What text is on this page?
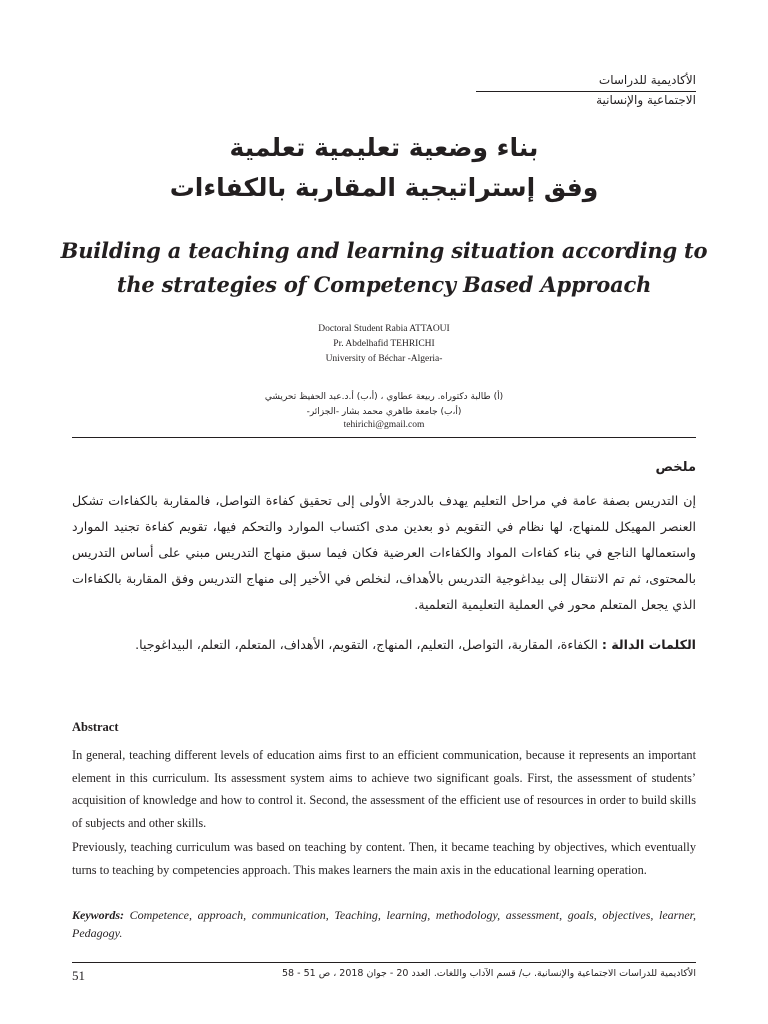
الأكاديمية للدراسات
الاجتماعية والإنسانية
بناء وضعية تعليمية تعلمية
وفق إستراتيجية المقاربة بالكفاءات
Building a teaching and learning situation according to
the strategies of Competency Based Approach
Doctoral Student Rabia ATTAOUI
Pr. Abdelhafid TEHRICHI
University of Béchar -Algeria-
(أ) طالبة دكتوراه. ربيعة عطاوي ، (أ،ب) أ.د.عبد الحفيظ تحريشي
(أ،ب) جامعة طاهري محمد بشار -الجزائر-
tehirichi@gmail.com
ملخص
إن التدريس بصفة عامة في مراحل التعليم يهدف بالدرجة الأولى إلى تحقيق كفاءة التواصل، فالمقاربة بالكفاءات تشكل العنصر المهيكل للمنهاج، لها نظام في التقويم ذو بعدين مدى اكتساب الموارد والتحكم فيها، تقويم كفاءة تجنيد الموارد واستعمالها الناجع في بناء كفاءات المواد والكفاءات العرضية فكان فيما سبق منهاج التدريس مبني على أساس التدريس بالمحتوى، ثم تم الانتقال إلى بيداغوجية التدريس بالأهداف، لنخلص في الأخير إلى منهاج التدريس وفق المقاربة بالكفاءات الذي يجعل المتعلم محور في العملية التعليمية التعلمية.
الكلمات الدالة : الكفاءة، المقاربة، التواصل، التعليم، المنهاج، التقويم، الأهداف، المتعلم، التعلم، البيداغوجيا.
Abstract
In general, teaching different levels of education aims first to an efficient communication, because it represents an important element in this curriculum. Its assessment system aims to achieve two significant goals. First, the assessment of students’ acquisition of knowledge and how to control it. Second, the assessment of the efficient use of resources in order to build skills of subjects and other skills.
Previously, teaching curriculum was based on teaching by content. Then, it became teaching by objectives, which eventually turns to teaching by competencies approach. This makes learners the main axis in the educational learning operation.
Keywords: Competence, approach, communication, Teaching, learning, methodology, assessment, goals, objectives, learner, Pedagogy.
51	الأكاديمية للدراسات الاجتماعية والإنسانية. ب/ قسم الآداب واللغات. العدد 20 - جوان 2018 ، ص 51 - 58
